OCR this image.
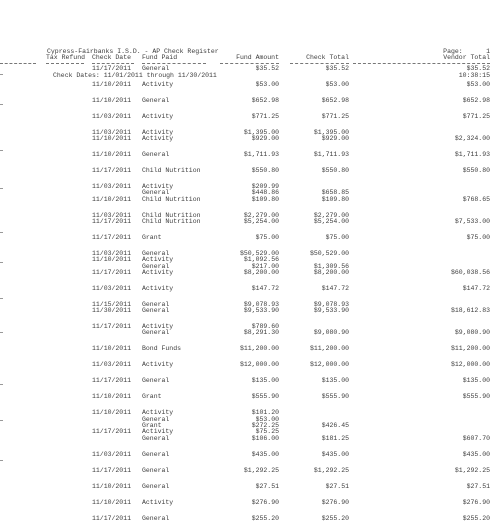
Cypress-Fairbanks I.S.D. - AP Check Register

Check Dates: 11/01/2011 through 11/30/2011

Page:	1

10:38:15

Tax Refund Check Date Fund Paid	Fund Amount	Check Total	Vendor Total
11/17/2011 General	$35.52	$35.52	$35.52
11/10/2011 Activity	$53.00	$53.00	$53.00
11/10/2011 General	$652.98	$652.98	$652.98
11/03/2011 Activity	$771.25	$771.25	$771.25
11/03/2011 Activity	$1,395.00	$1,395.00
11/10/2011 Activity	$929.00	$929.00	$2,324.00
11/10/2011 General	$1,711.93	$1,711.93	$1,711.93
11/17/2011 Child Nutrition	$550.80	$550.80	$550.80
11/03/2011 Activity	$209.99
General	$448.86	$658.85
11/10/2011 Child Nutrition	$109.80	$109.80	$768.65
11/03/2011 Child Nutrition	$2,279.00	$2,279.00
11/17/2011 Child Nutrition	$5,254.00	$5,254.00	$7,533.00
11/17/2011 Grant	$75.00	$75.00	$75.00
11/03/2011 General	$50,529.00	$50,529.00
11/10/2011 Activity	$1,092.56
General	$217.00	$1,309.56
11/17/2011 Activity	$8,200.00	$8,200.00	$60,038.56
11/03/2011 Activity	$147.72	$147.72	$147.72
11/15/2011 General	$9,078.93	$9,078.93
11/30/2011 General	$9,533.90	$9,533.90	$18,612.83
11/17/2011 Activity	$789.60
General	$8,291.30	$9,080.90	$9,080.90
11/10/2011 Bond Funds	$11,200.00	$11,200.00	$11,200.00
11/03/2011 Activity	$12,000.00	$12,000.00	$12,000.00
11/17/2011 General	$135.00	$135.00	$135.00
11/10/2011 Grant	$555.90	$555.90	$555.90
11/10/2011 Activity	$101.20
General	$53.00
Grant	$272.25	$426.45
11/17/2011 Activity	$75.25
General	$106.00	$181.25	$607.70
11/03/2011 General	$435.00	$435.00	$435.00
11/17/2011 General	$1,292.25	$1,292.25	$1,292.25
11/10/2011 General	$27.51	$27.51	$27.51
11/10/2011 Activity	$276.90	$276.90	$276.90
11/17/2011 General	$255.20	$255.20	$255.20
